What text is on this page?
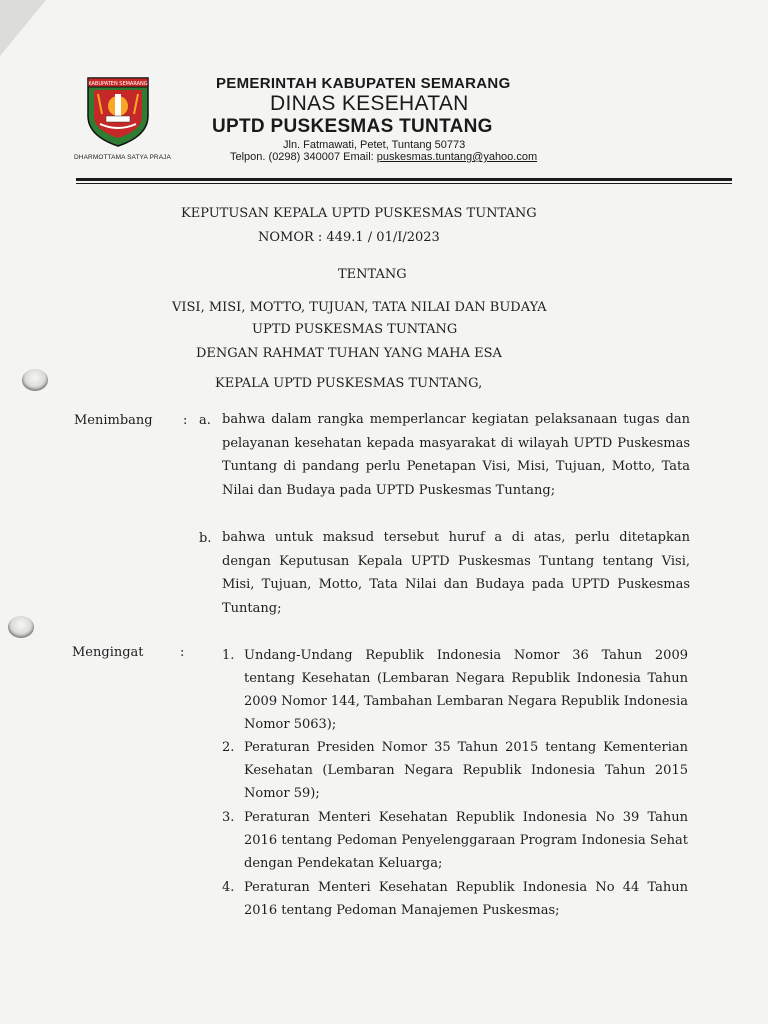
KABUPATEN SEMARANG
DHARMOTTAMA SATYA PRAJA
PEMERINTAH KABUPATEN SEMARANG
DINAS KESEHATAN
UPTD PUSKESMAS TUNTANG
Jln. Fatmawati, Petet, Tuntang 50773
Telpon. (0298) 340007 Email: puskesmas.tuntang@yahoo.com
KEPUTUSAN KEPALA UPTD PUSKESMAS TUNTANG
NOMOR : 449.1 / 01/I/2023
TENTANG
VISI, MISI, MOTTO, TUJUAN, TATA NILAI DAN BUDAYA
UPTD PUSKESMAS TUNTANG
DENGAN RAHMAT TUHAN YANG MAHA ESA
KEPALA UPTD PUSKESMAS TUNTANG,
Menimbang : a. bahwa dalam rangka memperlancar kegiatan pelaksanaan tugas dan pelayanan kesehatan kepada masyarakat di wilayah UPTD Puskesmas Tuntang di pandang perlu Penetapan Visi, Misi, Tujuan, Motto, Tata Nilai dan Budaya pada UPTD Puskesmas Tuntang;
b. bahwa untuk maksud tersebut huruf a di atas, perlu ditetapkan dengan Keputusan Kepala UPTD Puskesmas Tuntang tentang Visi, Misi, Tujuan, Motto, Tata Nilai dan Budaya pada UPTD Puskesmas Tuntang;
Mengingat	:	1. Undang-Undang Republik Indonesia Nomor 36 Tahun 2009 tentang Kesehatan (Lembaran Negara Republik Indonesia Tahun 2009 Nomor 144, Tambahan Lembaran Negara Republik Indonesia Nomor 5063);
2. Peraturan Presiden Nomor 35 Tahun 2015 tentang Kementerian Kesehatan (Lembaran Negara Republik Indonesia Tahun 2015 Nomor 59);
3. Peraturan Menteri Kesehatan Republik Indonesia No 39 Tahun 2016 tentang Pedoman Penyelenggaraan Program Indonesia Sehat dengan Pendekatan Keluarga;
4. Peraturan Menteri Kesehatan Republik Indonesia No 44 Tahun 2016 tentang Pedoman Manajemen Puskesmas;
